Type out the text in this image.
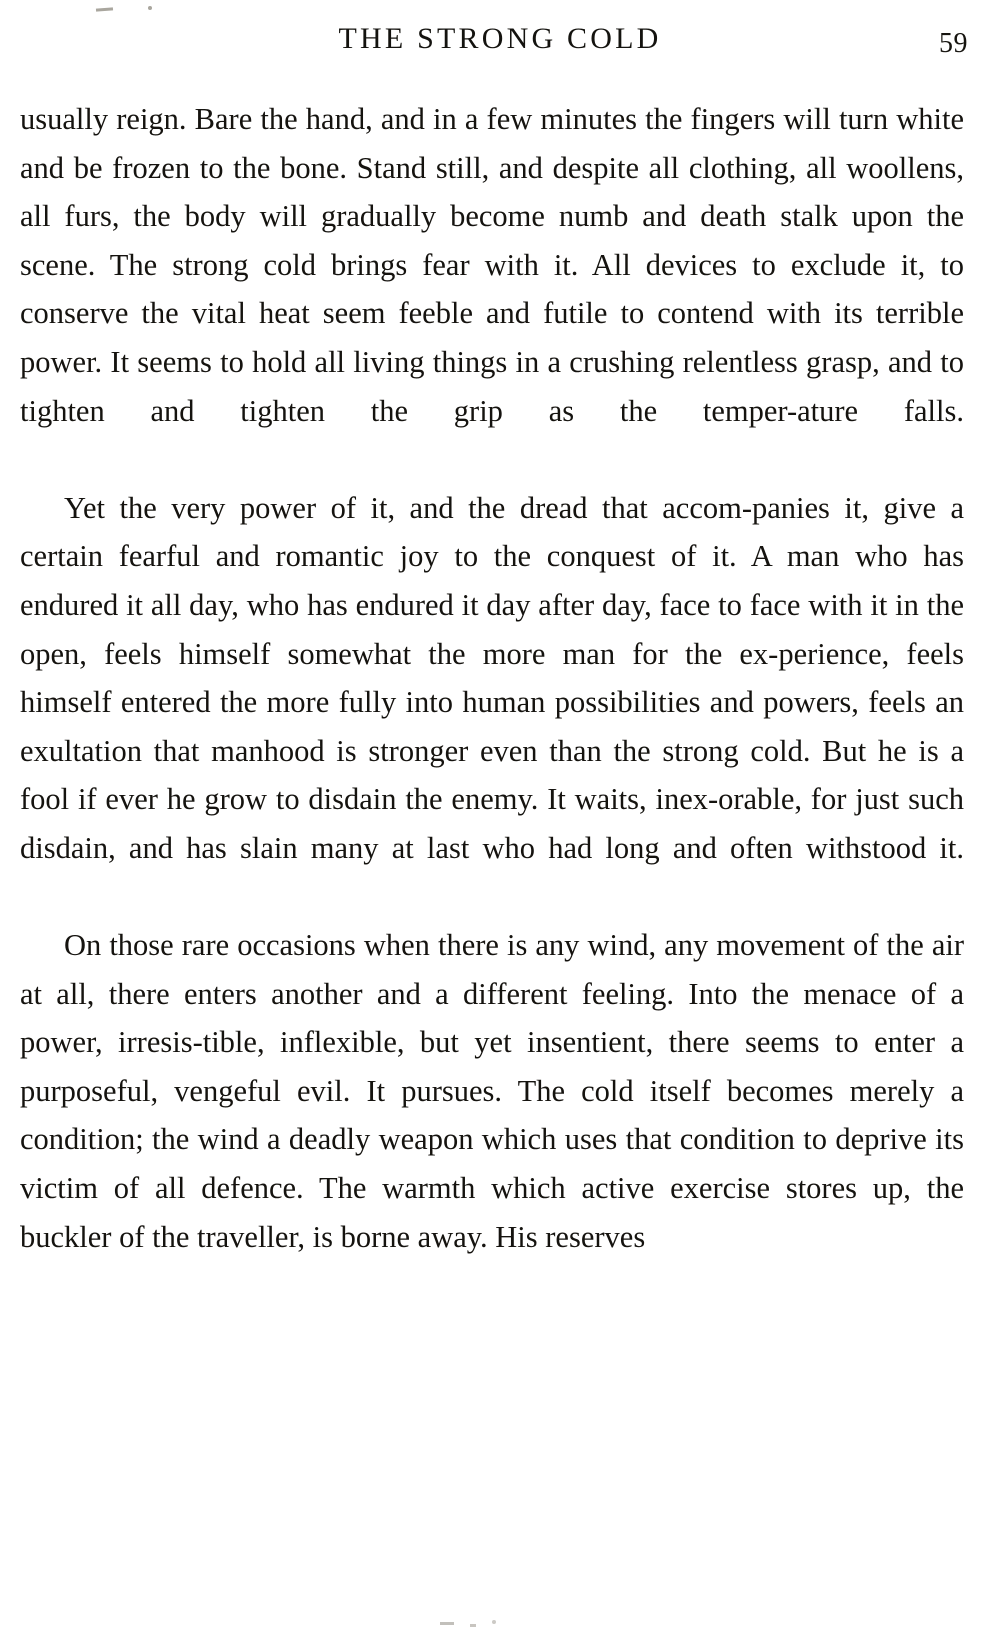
THE STRONG COLD	59

usually reign. Bare the hand, and in a few minutes the fingers will turn white and be frozen to the bone. Stand still, and despite all clothing, all woollens, all furs, the body will gradually become numb and death stalk upon the scene. The strong cold brings fear with it. All devices to exclude it, to conserve the vital heat seem feeble and futile to contend with its terrible power. It seems to hold all living things in a crushing relentless grasp, and to tighten and tighten the grip as the temper-ature falls.

Yet the very power of it, and the dread that accom-panies it, give a certain fearful and romantic joy to the conquest of it. A man who has endured it all day, who has endured it day after day, face to face with it in the open, feels himself somewhat the more man for the ex-perience, feels himself entered the more fully into human possibilities and powers, feels an exultation that manhood is stronger even than the strong cold. But he is a fool if ever he grow to disdain the enemy. It waits, inex-orable, for just such disdain, and has slain many at last who had long and often withstood it.

On those rare occasions when there is any wind, any movement of the air at all, there enters another and a different feeling. Into the menace of a power, irresis-tible, inflexible, but yet insentient, there seems to enter a purposeful, vengeful evil. It pursues. The cold itself becomes merely a condition; the wind a deadly weapon which uses that condition to deprive its victim of all defence. The warmth which active exercise stores up, the buckler of the traveller, is borne away. His reserves
